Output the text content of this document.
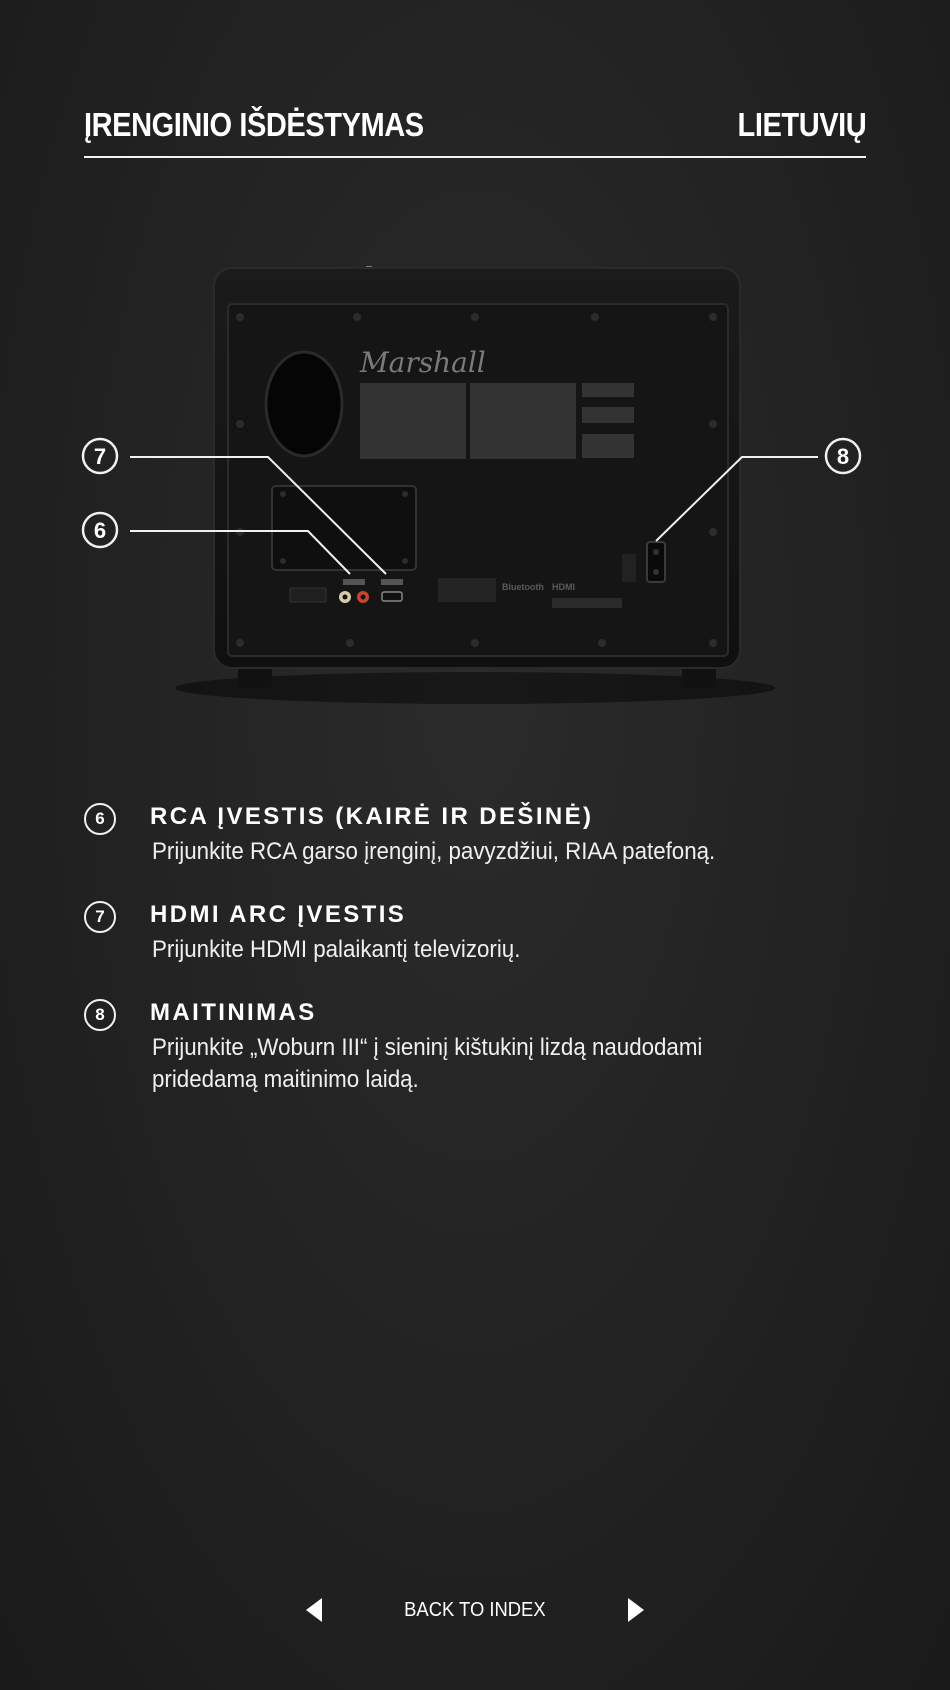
ĮRENGINIO IŠDĖSTYMAS	LIETUVIŲ
Marshall
Bluetooth HDMI
7
6
8
6	RCA ĮVESTIS (KAIRĖ IR DEŠINĖ)
Prijunkite RCA garso įrenginį, pavyzdžiui, RIAA patefoną.
7	HDMI ARC ĮVESTIS
Prijunkite HDMI palaikantį televizorių.
8	MAITINIMAS
Prijunkite „Woburn III“ į sieninį kištukinį lizdą naudodami pridedamą maitinimo laidą.
BACK TO INDEX
